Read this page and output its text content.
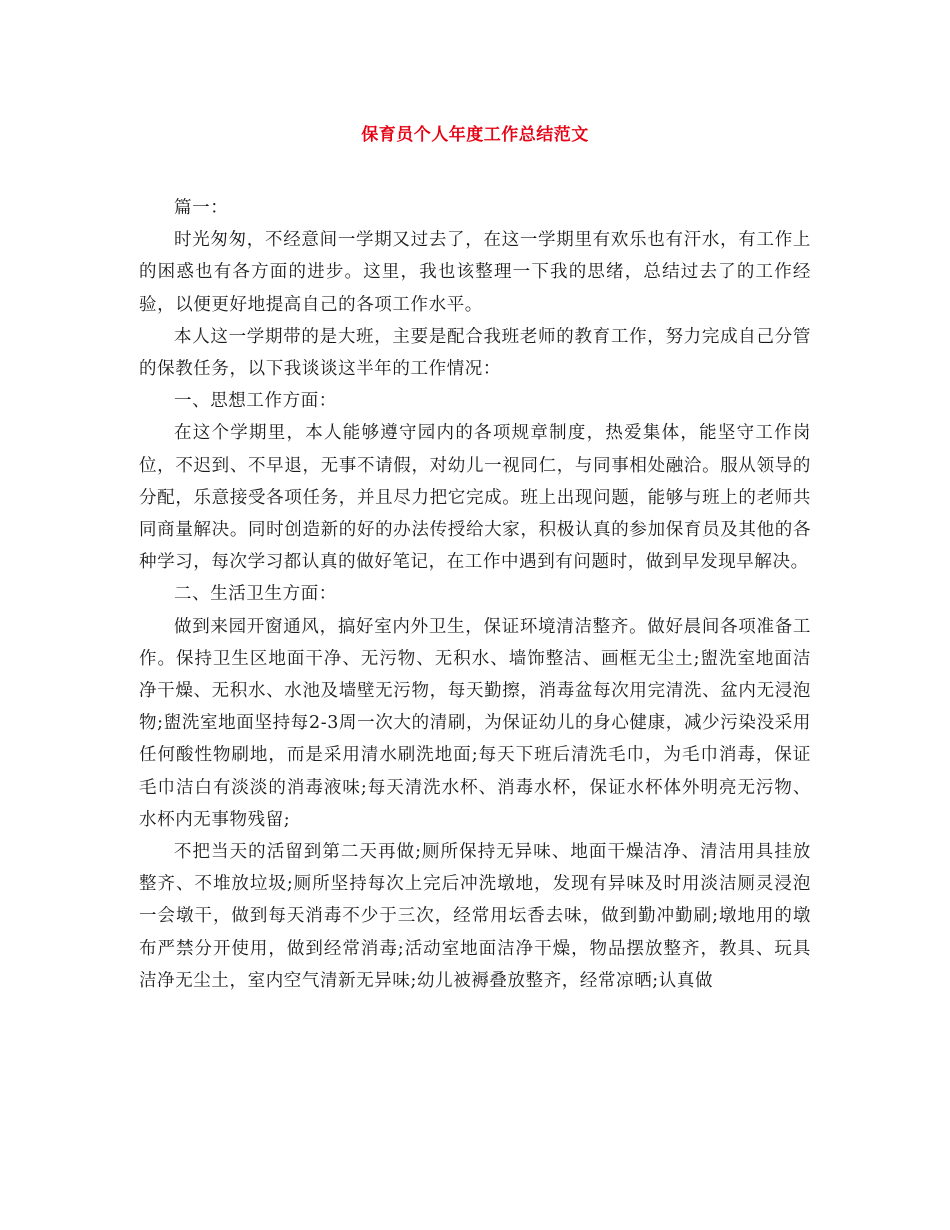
保育员个人年度工作总结范文

篇一：

时光匆匆，不经意间一学期又过去了，在这一学期里有欢乐也有汗水，有工作上的困惑也有各方面的进步。这里，我也该整理一下我的思绪，总结过去了的工作经验，以便更好地提高自己的各项工作水平。

本人这一学期带的是大班，主要是配合我班老师的教育工作，努力完成自己分管的保教任务，以下我谈谈这半年的工作情况：

一、思想工作方面：

在这个学期里，本人能够遵守园内的各项规章制度，热爱集体，能坚守工作岗位，不迟到、不早退，无事不请假，对幼儿一视同仁，与同事相处融洽。服从领导的分配，乐意接受各项任务，并且尽力把它完成。班上出现问题，能够与班上的老师共同商量解决。同时创造新的好的办法传授给大家，积极认真的参加保育员及其他的各种学习，每次学习都认真的做好笔记，在工作中遇到有问题时，做到早发现早解决。

二、生活卫生方面：

做到来园开窗通风，搞好室内外卫生，保证环境清洁整齐。做好晨间各项准备工作。保持卫生区地面干净、无污物、无积水、墙饰整洁、画框无尘土;盥洗室地面洁净干燥、无积水、水池及墙壁无污物，每天勤擦，消毒盆每次用完清洗、盆内无浸泡物;盥洗室地面坚持每2-3周一次大的清刷，为保证幼儿的身心健康，减少污染没采用任何酸性物刷地，而是采用清水刷洗地面;每天下班后清洗毛巾，为毛巾消毒，保证毛巾洁白有淡淡的消毒液味;每天清洗水杯、消毒水杯，保证水杯体外明亮无污物、水杯内无事物残留;

不把当天的活留到第二天再做;厕所保持无异味、地面干燥洁净、清洁用具挂放整齐、不堆放垃圾;厕所坚持每次上完后冲洗墩地，发现有异味及时用淡洁厕灵浸泡一会墩干，做到每天消毒不少于三次，经常用坛香去味，做到勤冲勤刷;墩地用的墩布严禁分开使用，做到经常消毒;活动室地面洁净干燥，物品摆放整齐，教具、玩具洁净无尘土，室内空气清新无异味;幼儿被褥叠放整齐，经常凉晒;认真做
